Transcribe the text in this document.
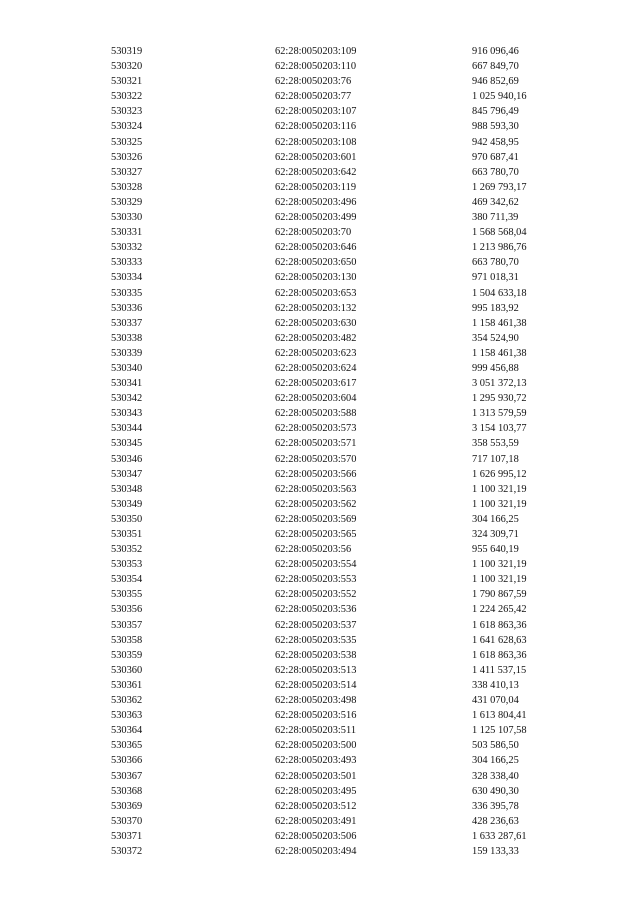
530319	62:28:0050203:109	916 096,46
530320	62:28:0050203:110	667 849,70
530321	62:28:0050203:76	946 852,69
530322	62:28:0050203:77	1 025 940,16
530323	62:28:0050203:107	845 796,49
530324	62:28:0050203:116	988 593,30
530325	62:28:0050203:108	942 458,95
530326	62:28:0050203:601	970 687,41
530327	62:28:0050203:642	663 780,70
530328	62:28:0050203:119	1 269 793,17
530329	62:28:0050203:496	469 342,62
530330	62:28:0050203:499	380 711,39
530331	62:28:0050203:70	1 568 568,04
530332	62:28:0050203:646	1 213 986,76
530333	62:28:0050203:650	663 780,70
530334	62:28:0050203:130	971 018,31
530335	62:28:0050203:653	1 504 633,18
530336	62:28:0050203:132	995 183,92
530337	62:28:0050203:630	1 158 461,38
530338	62:28:0050203:482	354 524,90
530339	62:28:0050203:623	1 158 461,38
530340	62:28:0050203:624	999 456,88
530341	62:28:0050203:617	3 051 372,13
530342	62:28:0050203:604	1 295 930,72
530343	62:28:0050203:588	1 313 579,59
530344	62:28:0050203:573	3 154 103,77
530345	62:28:0050203:571	358 553,59
530346	62:28:0050203:570	717 107,18
530347	62:28:0050203:566	1 626 995,12
530348	62:28:0050203:563	1 100 321,19
530349	62:28:0050203:562	1 100 321,19
530350	62:28:0050203:569	304 166,25
530351	62:28:0050203:565	324 309,71
530352	62:28:0050203:56	955 640,19
530353	62:28:0050203:554	1 100 321,19
530354	62:28:0050203:553	1 100 321,19
530355	62:28:0050203:552	1 790 867,59
530356	62:28:0050203:536	1 224 265,42
530357	62:28:0050203:537	1 618 863,36
530358	62:28:0050203:535	1 641 628,63
530359	62:28:0050203:538	1 618 863,36
530360	62:28:0050203:513	1 411 537,15
530361	62:28:0050203:514	338 410,13
530362	62:28:0050203:498	431 070,04
530363	62:28:0050203:516	1 613 804,41
530364	62:28:0050203:511	1 125 107,58
530365	62:28:0050203:500	503 586,50
530366	62:28:0050203:493	304 166,25
530367	62:28:0050203:501	328 338,40
530368	62:28:0050203:495	630 490,30
530369	62:28:0050203:512	336 395,78
530370	62:28:0050203:491	428 236,63
530371	62:28:0050203:506	1 633 287,61
530372	62:28:0050203:494	159 133,33
